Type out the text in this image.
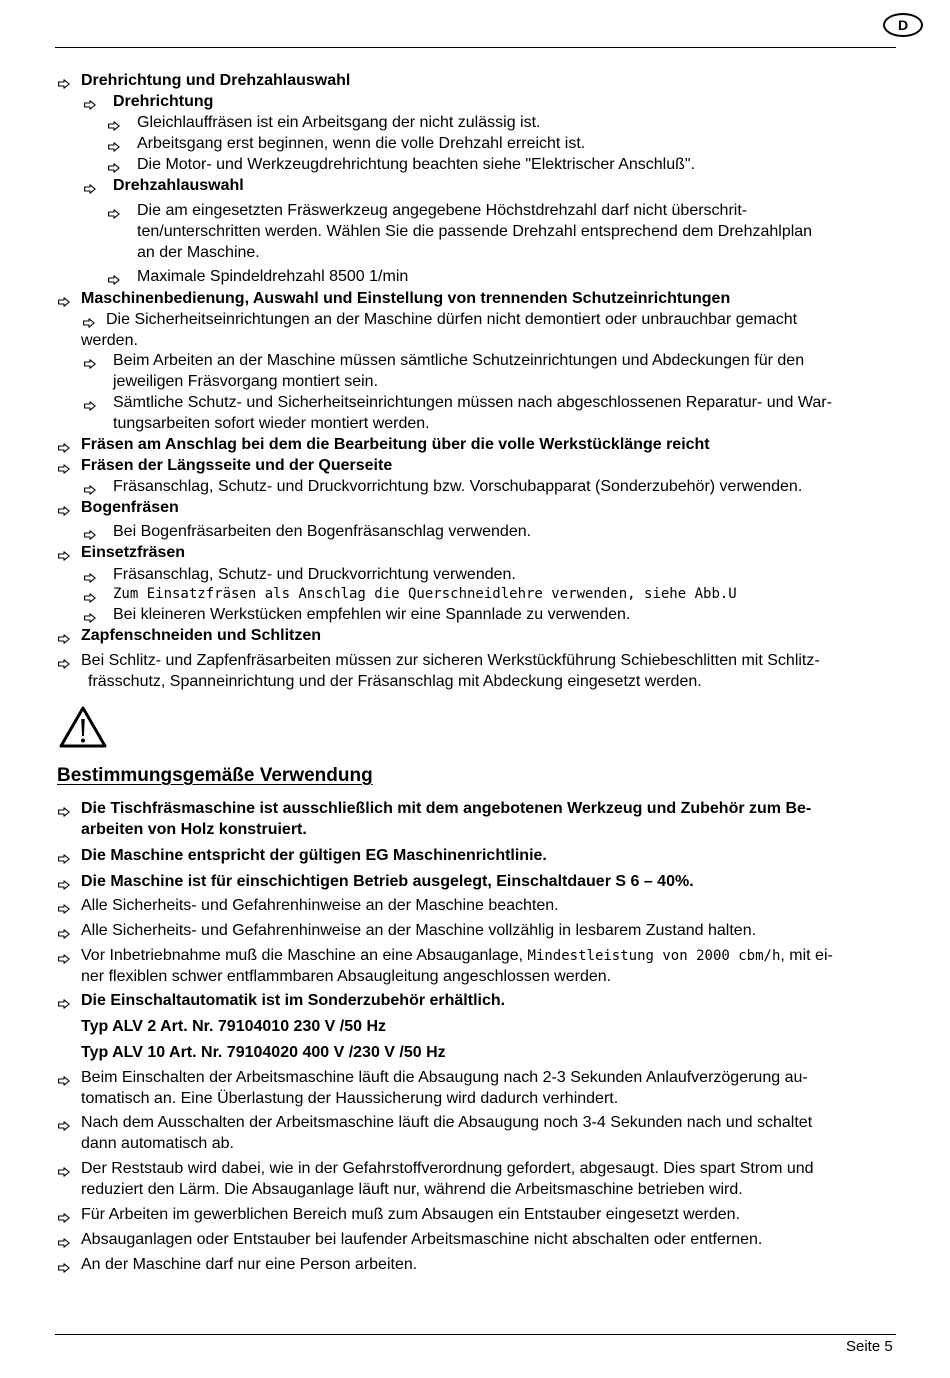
D
Drehrichtung und Drehzahlauswahl
Drehrichtung
Gleichlauffräsen ist ein Arbeitsgang der nicht zulässig ist.
Arbeitsgang erst beginnen, wenn die volle Drehzahl erreicht ist.
Die Motor- und Werkzeugdrehrichtung beachten siehe "Elektrischer Anschluß".
Drehzahlauswahl
Die am eingesetzten Fräswerkzeug angegebene Höchstdrehzahl darf nicht überschrit-
ten/unterschritten werden. Wählen Sie die passende Drehzahl entsprechend dem Drehzahlplan
an der Maschine.
Maximale Spindeldrehzahl 8500 1/min
Maschinenbedienung, Auswahl und Einstellung von trennenden Schutzeinrichtungen
Die Sicherheitseinrichtungen an der Maschine dürfen nicht demontiert oder unbrauchbar gemacht
werden.
Beim Arbeiten an der Maschine müssen sämtliche Schutzeinrichtungen und Abdeckungen für den
jeweiligen Fräsvorgang montiert sein.
Sämtliche Schutz- und Sicherheitseinrichtungen müssen nach abgeschlossenen Reparatur- und War-
tungsarbeiten sofort wieder montiert werden.
Fräsen am Anschlag bei dem die Bearbeitung über die volle Werkstücklänge reicht
Fräsen der Längsseite und der Querseite
Fräsanschlag, Schutz- und Druckvorrichtung bzw. Vorschubapparat (Sonderzubehör) verwenden.
Bogenfräsen
Bei Bogenfräsarbeiten den Bogenfräsanschlag verwenden.
Einsetzfräsen
Fräsanschlag, Schutz- und Druckvorrichtung verwenden.
Zum Einsatzfräsen als Anschlag die Querschneidlehre verwenden, siehe Abb.U
Bei kleineren Werkstücken empfehlen wir eine Spannlade zu verwenden.
Zapfenschneiden und Schlitzen
Bei Schlitz- und Zapfenfräsarbeiten müssen zur sicheren Werkstückführung Schiebeschlitten mit Schlitz-
frässchutz, Spanneinrichtung und der Fräsanschlag mit Abdeckung eingesetzt werden.
Bestimmungsgemäße Verwendung
Die Tischfräsmaschine ist ausschließlich mit dem angebotenen Werkzeug und Zubehör zum Be-
arbeiten von Holz konstruiert.
Die Maschine entspricht der gültigen EG Maschinenrichtlinie.
Die Maschine ist für einschichtigen Betrieb ausgelegt, Einschaltdauer S 6 – 40%.
Alle Sicherheits- und Gefahrenhinweise an der Maschine beachten.
Alle Sicherheits- und Gefahrenhinweise an der Maschine vollzählig in lesbarem Zustand halten.
Vor Inbetriebnahme muß die Maschine an eine Absauganlage, Mindestleistung von 2000 cbm/h, mit ei-
ner flexiblen schwer entflammbaren Absaugleitung angeschlossen werden.
Die Einschaltautomatik ist im Sonderzubehör erhältlich.
Typ ALV 2 Art. Nr. 79104010 230 V /50 Hz
Typ ALV 10 Art. Nr. 79104020 400 V /230 V /50 Hz
Beim Einschalten der Arbeitsmaschine läuft die Absaugung nach 2-3 Sekunden Anlaufverzögerung au-
tomatisch an. Eine Überlastung der Haussicherung wird dadurch verhindert.
Nach dem Ausschalten der Arbeitsmaschine läuft die Absaugung noch 3-4 Sekunden nach und schaltet
dann automatisch ab.
Der Reststaub wird dabei, wie in der Gefahrstoffverordnung gefordert, abgesaugt. Dies spart Strom und
reduziert den Lärm. Die Absauganlage läuft nur, während die Arbeitsmaschine betrieben wird.
Für Arbeiten im gewerblichen Bereich muß zum Absaugen ein Entstauber eingesetzt werden.
Absauganlagen oder Entstauber bei laufender Arbeitsmaschine nicht abschalten oder entfernen.
An der Maschine darf nur eine Person arbeiten.
Seite 5
